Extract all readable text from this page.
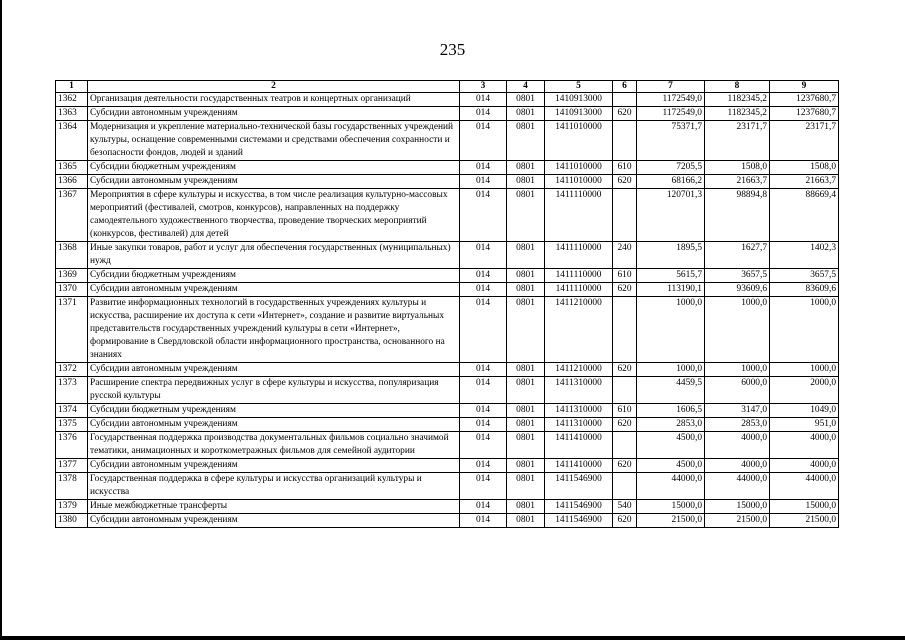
235
1	2	3	4	5	6	7	8	9
1362	Организация деятельности государственных театров и концертных организаций	014	0801	1410913000		1172549,0	1182345,2	1237680,7
1363	Субсидии автономным учреждениям	014	0801	1410913000	620	1172549,0	1182345,2	1237680,7
1364	Модернизация и укрепление материально-технической базы государственных учреждений культуры, оснащение современными системами и средствами обеспечения сохранности и безопасности фондов, людей и зданий	014	0801	1411010000		75371,7	23171,7	23171,7
1365	Субсидии бюджетным учреждениям	014	0801	1411010000	610	7205,5	1508,0	1508,0
1366	Субсидии автономным учреждениям	014	0801	1411010000	620	68166,2	21663,7	21663,7
1367	Мероприятия в сфере культуры и искусства, в том числе реализация культурно-массовых мероприятий (фестивалей, смотров, конкурсов), направленных на поддержку самодеятельного художественного творчества, проведение творческих мероприятий (конкурсов, фестивалей) для детей	014	0801	1411110000		120701,3	98894,8	88669,4
1368	Иные закупки товаров, работ и услуг для обеспечения государственных (муниципальных) нужд	014	0801	1411110000	240	1895,5	1627,7	1402,3
1369	Субсидии бюджетным учреждениям	014	0801	1411110000	610	5615,7	3657,5	3657,5
1370	Субсидии автономным учреждениям	014	0801	1411110000	620	113190,1	93609,6	83609,6
1371	Развитие информационных технологий в государственных учреждениях культуры и искусства, расширение их доступа к сети «Интернет», создание и развитие виртуальных представительств государственных учреждений культуры в сети «Интернет», формирование в Свердловской области информационного пространства, основанного на знаниях	014	0801	1411210000		1000,0	1000,0	1000,0
1372	Субсидии автономным учреждениям	014	0801	1411210000	620	1000,0	1000,0	1000,0
1373	Расширение спектра передвижных услуг в сфере культуры и искусства, популяризация русской культуры	014	0801	1411310000		4459,5	6000,0	2000,0
1374	Субсидии бюджетным учреждениям	014	0801	1411310000	610	1606,5	3147,0	1049,0
1375	Субсидии автономным учреждениям	014	0801	1411310000	620	2853,0	2853,0	951,0
1376	Государственная поддержка производства документальных фильмов социально значимой тематики, анимационных и короткометражных фильмов для семейной аудитории	014	0801	1411410000		4500,0	4000,0	4000,0
1377	Субсидии автономным учреждениям	014	0801	1411410000	620	4500,0	4000,0	4000,0
1378	Государственная поддержка в сфере культуры и искусства организаций культуры и искусства	014	0801	1411546900		44000,0	44000,0	44000,0
1379	Иные межбюджетные трансферты	014	0801	1411546900	540	15000,0	15000,0	15000,0
1380	Субсидии автономным учреждениям	014	0801	1411546900	620	21500,0	21500,0	21500,0
